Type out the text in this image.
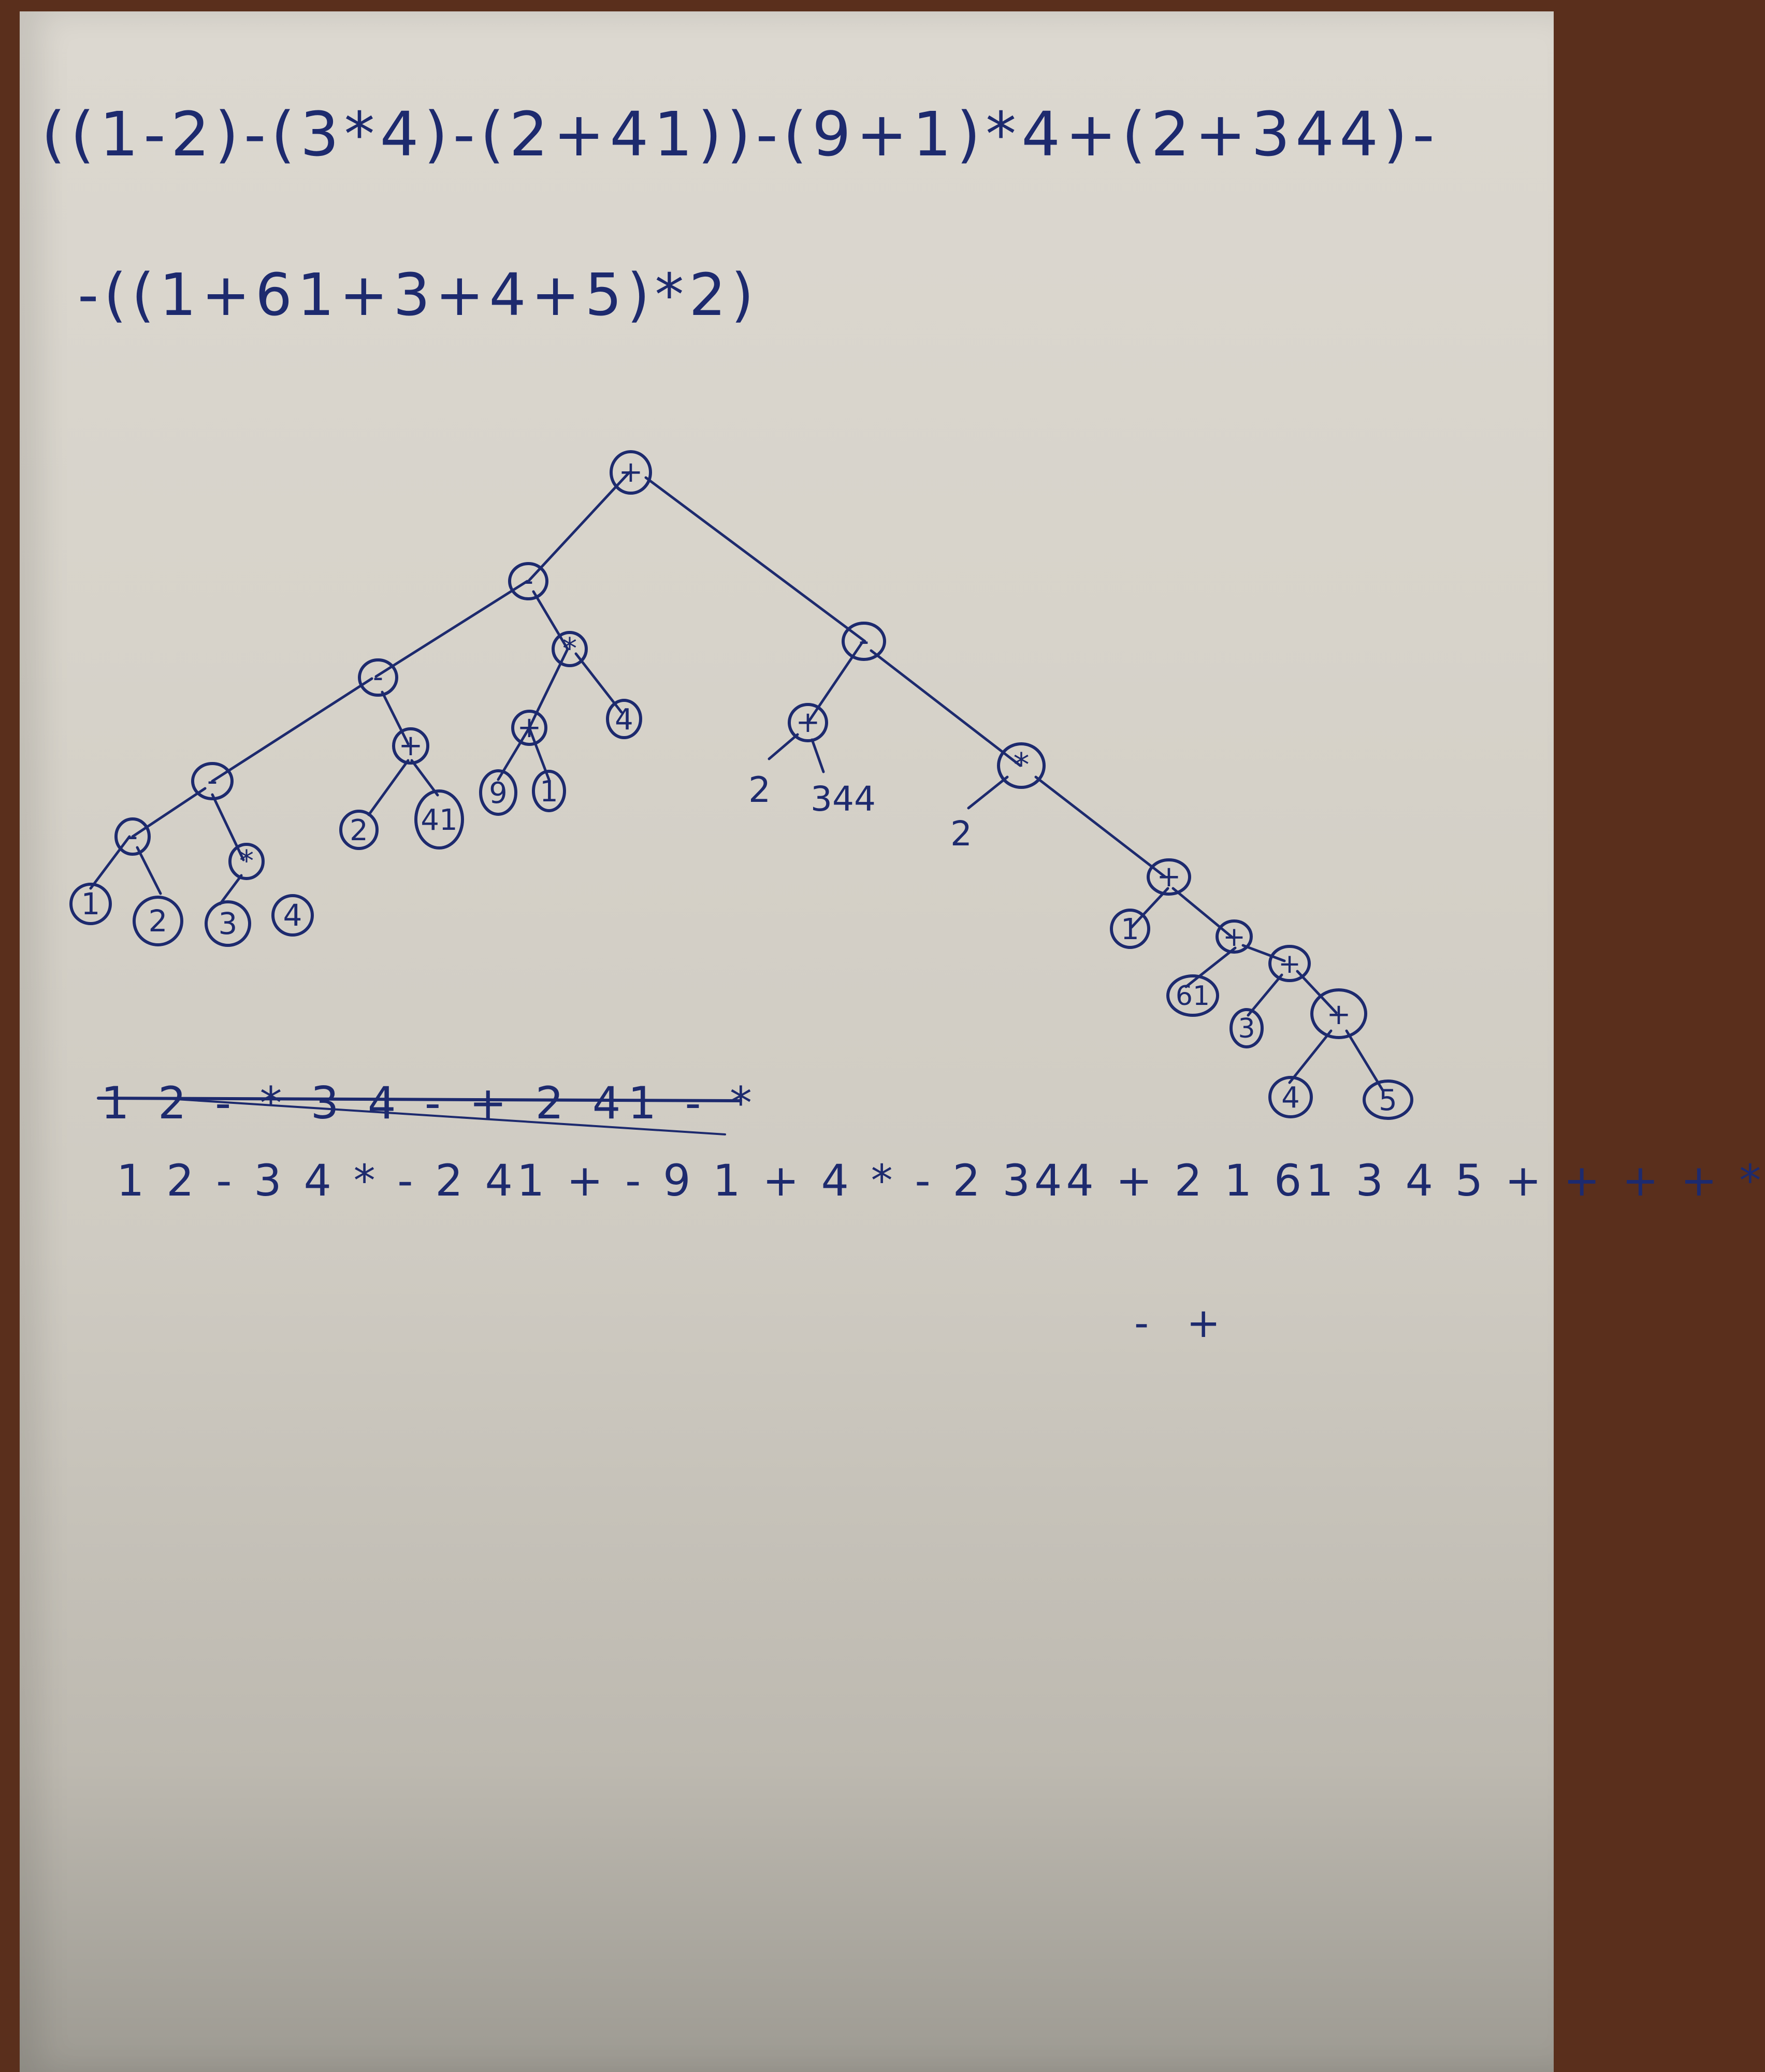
((1-2)-(3*4)-(2+41))-(9+1)*4+(2+344)-
-((1+61+3+4+5)*2)
+
-
-
-
-
1 2
*
3 4
+
2 41
*
+
9 1
4
-
+
2 344
*
2
+
1	+
61
+
3 +
4	5
1 2 - * 3 4 - + 2 41 - *
1 2 - 3 4 * - 2 41 + - 9 1 + 4 * - 2 344 + 2 1 61 3 4 5 + + + + *
- +
